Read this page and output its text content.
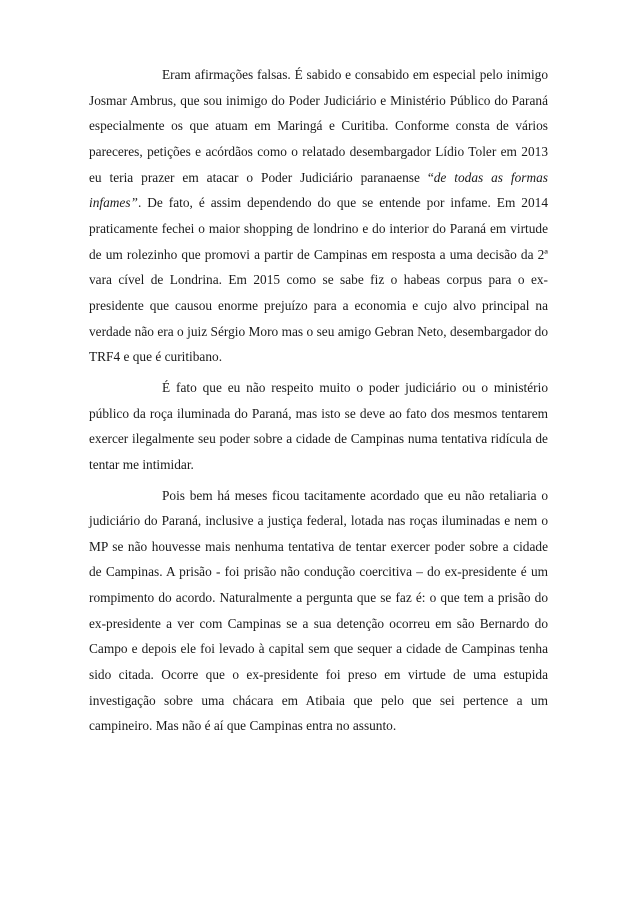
Eram afirmações falsas. É sabido e consabido em especial pelo inimigo Josmar Ambrus, que sou inimigo do Poder Judiciário e Ministério Público do Paraná especialmente os que atuam em Maringá e Curitiba. Conforme consta de vários pareceres, petições e acórdãos como o relatado desembargador Lídio Toler em 2013 eu teria prazer em atacar o Poder Judiciário paranaense “de todas as formas infames”. De fato, é assim dependendo do que se entende por infame. Em 2014 praticamente fechei o maior shopping de londrino e do interior do Paraná em virtude de um rolezinho que promovi a partir de Campinas em resposta a uma decisão da 2ª vara cível de Londrina. Em 2015 como se sabe fiz o habeas corpus para o ex-presidente que causou enorme prejuízo para a economia e cujo alvo principal na verdade não era o juiz Sérgio Moro mas o seu amigo Gebran Neto, desembargador do TRF4 e que é curitibano.

É fato que eu não respeito muito o poder judiciário ou o ministério público da roça iluminada do Paraná, mas isto se deve ao fato dos mesmos tentarem exercer ilegalmente seu poder sobre a cidade de Campinas numa tentativa ridícula de tentar me intimidar.

Pois bem há meses ficou tacitamente acordado que eu não retaliaria o judiciário do Paraná, inclusive a justiça federal, lotada nas roças iluminadas e nem o MP se não houvesse mais nenhuma tentativa de tentar exercer poder sobre a cidade de Campinas. A prisão - foi prisão não condução coercitiva – do ex-presidente é um rompimento do acordo. Naturalmente a pergunta que se faz é: o que tem a prisão do ex-presidente a ver com Campinas se a sua detenção ocorreu em são Bernardo do Campo e depois ele foi levado à capital sem que sequer a cidade de Campinas tenha sido citada. Ocorre que o ex-presidente foi preso em virtude de uma estupida investigação sobre uma chácara em Atibaia que pelo que sei pertence a um campineiro. Mas não é aí que Campinas entra no assunto.
